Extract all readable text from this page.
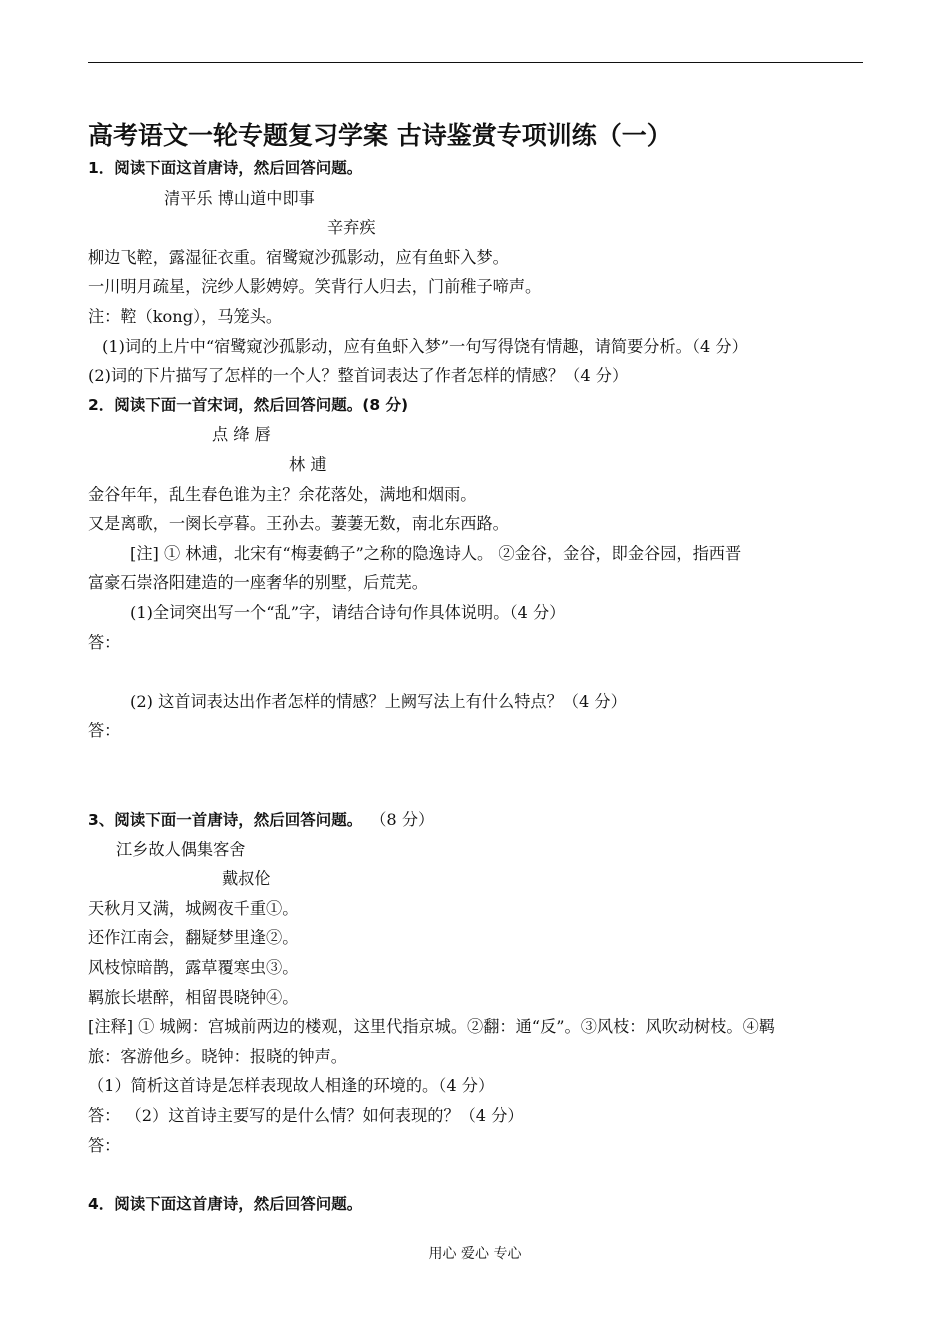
高考语文一轮专题复习学案 古诗鉴赏专项训练（一）
1．阅读下面这首唐诗，然后回答问题。
清平乐 博山道中即事
辛弃疾
柳边飞鞚，露湿征衣重。宿鹭窥沙孤影动，应有鱼虾入梦。
一川明月疏星，浣纱人影娉婷。笑背行人归去，门前稚子啼声。
注：鞚（kong），马笼头。
(1)词的上片中“宿鹭窥沙孤影动，应有鱼虾入梦”一句写得饶有情趣，请简要分析。（4 分）
(2)词的下片描写了怎样的一个人？整首词表达了作者怎样的情感？（4 分）
2．阅读下面一首宋词，然后回答问题。(8 分)
点 绛 唇
林 逋
金谷年年，乱生春色谁为主？余花落处，满地和烟雨。
又是离歌，一阕长亭暮。王孙去。萋萋无数，南北东西路。
[注] ① 林逋，北宋有“梅妻鹤子”之称的隐逸诗人。 ②金谷，金谷，即金谷园，指西晋
富豪石崇洛阳建造的一座奢华的别墅，后荒芜。
(1)全词突出写一个“乱”字，请结合诗句作具体说明。（4 分）
答：
(2) 这首词表达出作者怎样的情感？上阙写法上有什么特点？（4 分）
答：
3、阅读下面一首唐诗，然后回答问题。 （8 分）
江乡故人偶集客舍
戴叔伦
天秋月又满，城阙夜千重①。
还作江南会，翻疑梦里逢②。
风枝惊暗鹊，露草覆寒虫③。
羁旅长堪醉，相留畏晓钟④。
[注释] ① 城阙：宫城前两边的楼观，这里代指京城。②翻：通“反”。③风枝：风吹动树枝。④羁
旅：客游他乡。晓钟：报晓的钟声。
（1）简析这首诗是怎样表现故人相逢的环境的。（4 分）
答： （2）这首诗主要写的是什么情？如何表现的？（4 分）
答：
4．阅读下面这首唐诗，然后回答问题。
用心 爱心 专心
